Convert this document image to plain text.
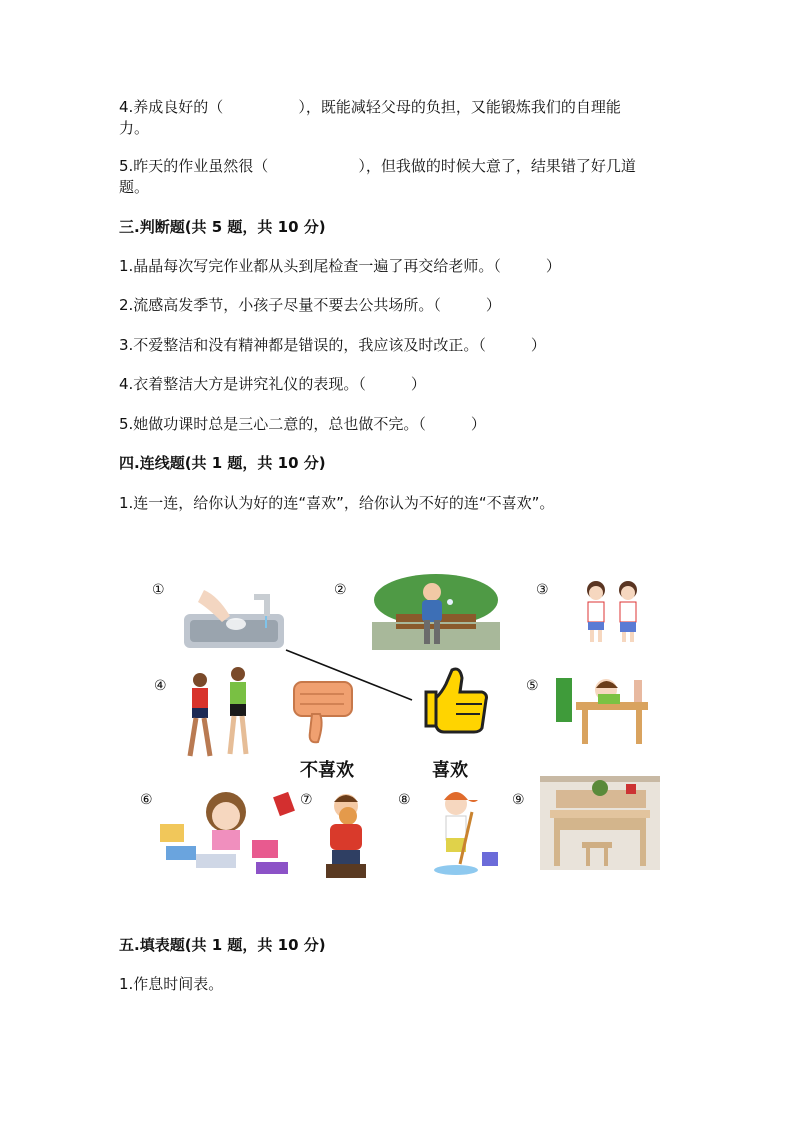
4.养成良好的（　　　　　），既能减轻父母的负担，又能锻炼我们的自理能
力。
5.昨天的作业虽然很（　　　　　　），但我做的时候大意了，结果错了好几道
题。
三.判断题(共 5 题，共 10 分)
1.晶晶每次写完作业都从头到尾检查一遍了再交给老师。（　　　）
2.流感高发季节，小孩子尽量不要去公共场所。（　　　）
3.不爱整洁和没有精神都是错误的，我应该及时改正。（　　　）
4.衣着整洁大方是讲究礼仪的表现。（　　　）
5.她做功课时总是三心二意的，总也做不完。（　　　）
四.连线题(共 1 题，共 10 分)
1.连一连，给你认为好的连“喜欢”，给你认为不好的连“不喜欢”。
①	②	③
④	⑤
⑥	⑦	⑧	⑨
不喜欢	喜欢
五.填表题(共 1 题，共 10 分)
1.作息时间表。
